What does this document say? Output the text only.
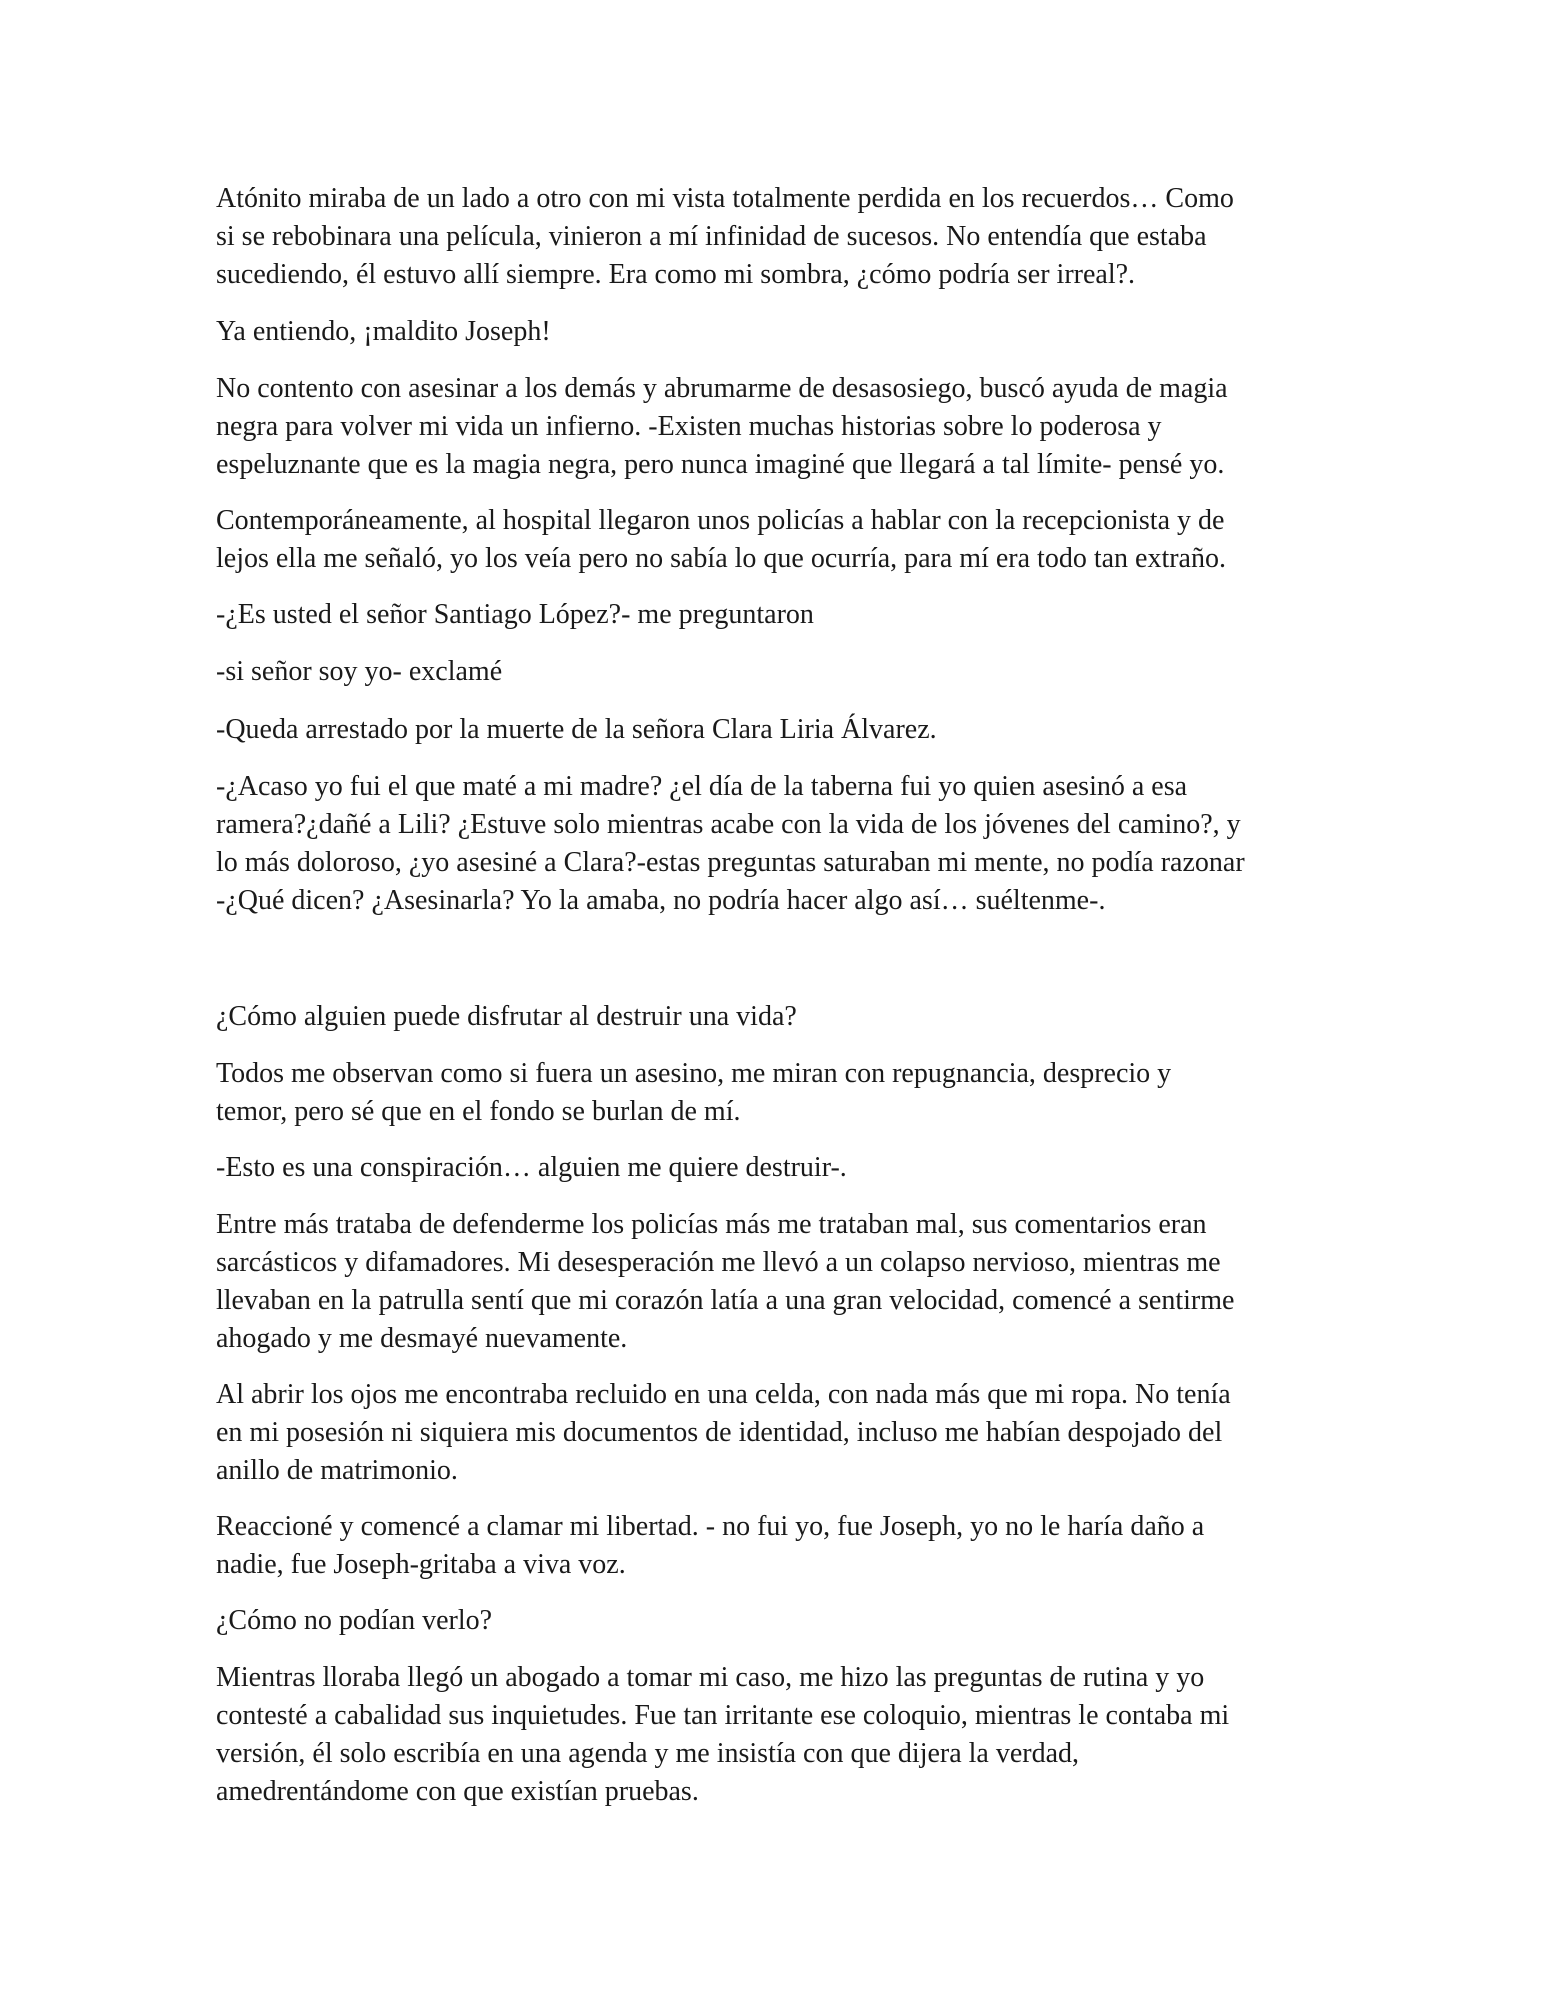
Atónito miraba de un lado a otro con mi vista totalmente perdida en los recuerdos… Como
si se rebobinara una película, vinieron a mí infinidad de sucesos. No entendía que estaba
sucediendo, él estuvo allí siempre. Era como mi sombra, ¿cómo podría ser irreal?.

Ya entiendo, ¡maldito Joseph!

No contento con asesinar a los demás y abrumarme de desasosiego, buscó ayuda de magia
negra para volver mi vida un infierno. -Existen muchas historias sobre lo poderosa y
espeluznante que es la magia negra, pero nunca imaginé que llegará a tal límite- pensé yo.

Contemporáneamente, al hospital llegaron unos policías a hablar con la recepcionista y de
lejos ella me señaló, yo los veía pero no sabía lo que ocurría, para mí era todo tan extraño.

-¿Es usted el señor Santiago López?- me preguntaron

-si señor soy yo- exclamé

-Queda arrestado por la muerte de la señora Clara Liria Álvarez.

-¿Acaso yo fui el que maté a mi madre? ¿el día de la taberna fui yo quien asesinó a esa
ramera?¿dañé a Lili? ¿Estuve solo mientras acabe con la vida de los jóvenes del camino?, y
lo más doloroso, ¿yo asesiné a Clara?-estas preguntas saturaban mi mente, no podía razonar
-¿Qué dicen? ¿Asesinarla? Yo la amaba, no podría hacer algo así… suéltenme-.

¿Cómo alguien puede disfrutar al destruir una vida?

Todos me observan como si fuera un asesino, me miran con repugnancia, desprecio y
temor, pero sé que en el fondo se burlan de mí.

-Esto es una conspiración… alguien me quiere destruir-.

Entre más trataba de defenderme los policías más me trataban mal, sus comentarios eran
sarcásticos y difamadores. Mi desesperación me llevó a un colapso nervioso, mientras me
llevaban en la patrulla sentí que mi corazón latía a una gran velocidad, comencé a sentirme
ahogado y me desmayé nuevamente.

Al abrir los ojos me encontraba recluido en una celda, con nada más que mi ropa. No tenía
en mi posesión ni siquiera mis documentos de identidad, incluso me habían despojado del
anillo de matrimonio.

Reaccioné y comencé a clamar mi libertad. - no fui yo, fue Joseph, yo no le haría daño a
nadie, fue Joseph-gritaba a viva voz.

¿Cómo no podían verlo?

Mientras lloraba llegó un abogado a tomar mi caso, me hizo las preguntas de rutina y yo
contesté a cabalidad sus inquietudes. Fue tan irritante ese coloquio, mientras le contaba mi
versión, él solo escribía en una agenda y me insistía con que dijera la verdad,
amedrentándome con que existían pruebas.
